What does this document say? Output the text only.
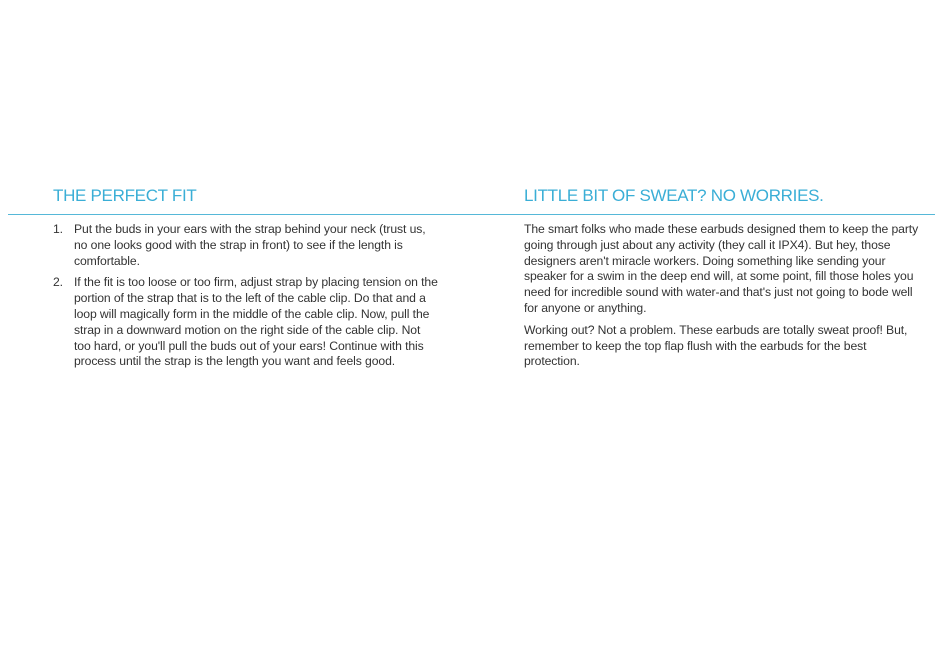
THE PERFECT FIT	LITTLE BIT OF SWEAT? NO WORRIES.
1. Put the buds in your ears with the strap behind your neck (trust us, no one looks good with the strap in front) to see if the length is comfortable.
2. If the fit is too loose or too firm, adjust strap by placing tension on the portion of the strap that is to the left of the cable clip. Do that and a loop will magically form in the middle of the cable clip. Now, pull the strap in a downward motion on the right side of the cable clip. Not too hard, or you'll pull the buds out of your ears! Continue with this process until the strap is the length you want and feels good.

The smart folks who made these earbuds designed them to keep the party going through just about any activity (they call it IPX4). But hey, those designers aren't miracle workers. Doing something like sending your speaker for a swim in the deep end will, at some point, fill those holes you need for incredible sound with water-and that's just not going to bode well for anyone or anything.

Working out? Not a problem. These earbuds are totally sweat proof! But, remember to keep the top flap flush with the earbuds for the best protection.
